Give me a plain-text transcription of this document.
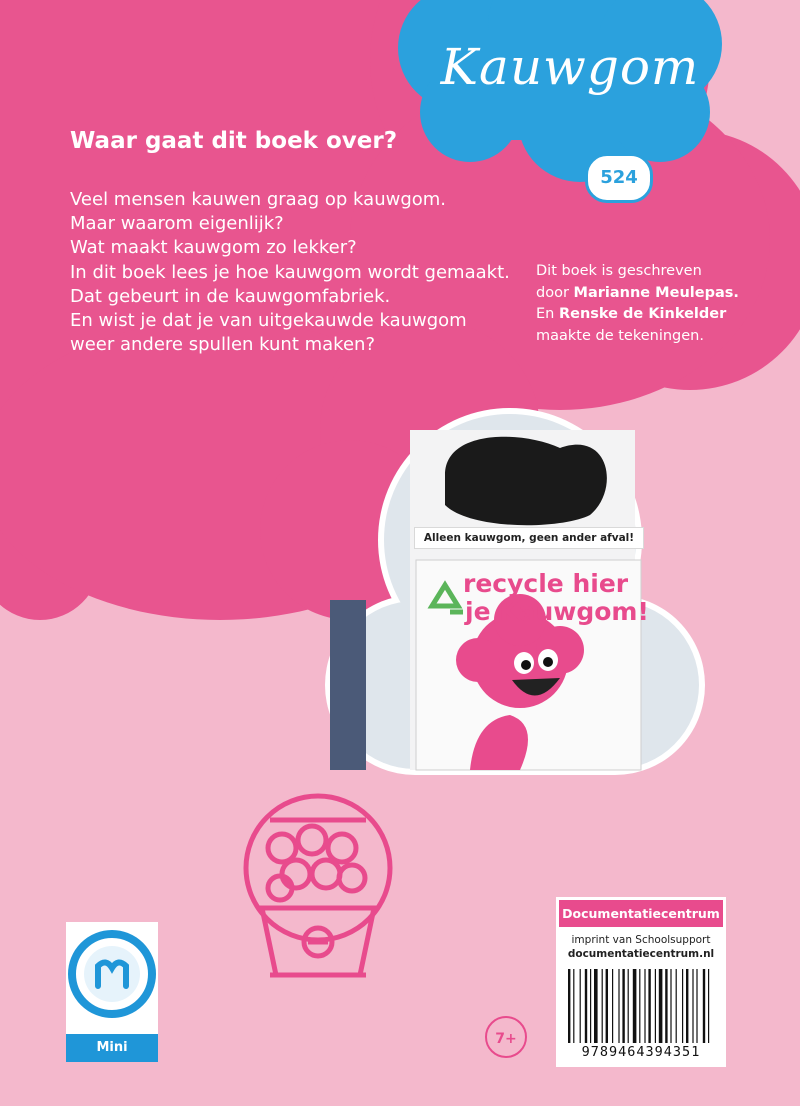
Kauwgom
524
Waar gaat dit boek over?
Veel mensen kauwen graag op kauwgom.
Maar waarom eigenlijk?
Wat maakt kauwgom zo lekker?
In dit boek lees je hoe kauwgom wordt gemaakt.
Dat gebeurt in de kauwgomfabriek.
En wist je dat je van uitgekauwde kauwgom
weer andere spullen kunt maken?
Dit boek is geschreven
door Marianne Meulepas.
En Renske de Kinkelder
maakte de tekeningen.
Alleen kauwgom, geen ander afval!
recycle hier
je Kauwgom!
Mini
7+
Documentatiecentrum
imprint van Schoolsupport
documentatiecentrum.nl
9789464394351
